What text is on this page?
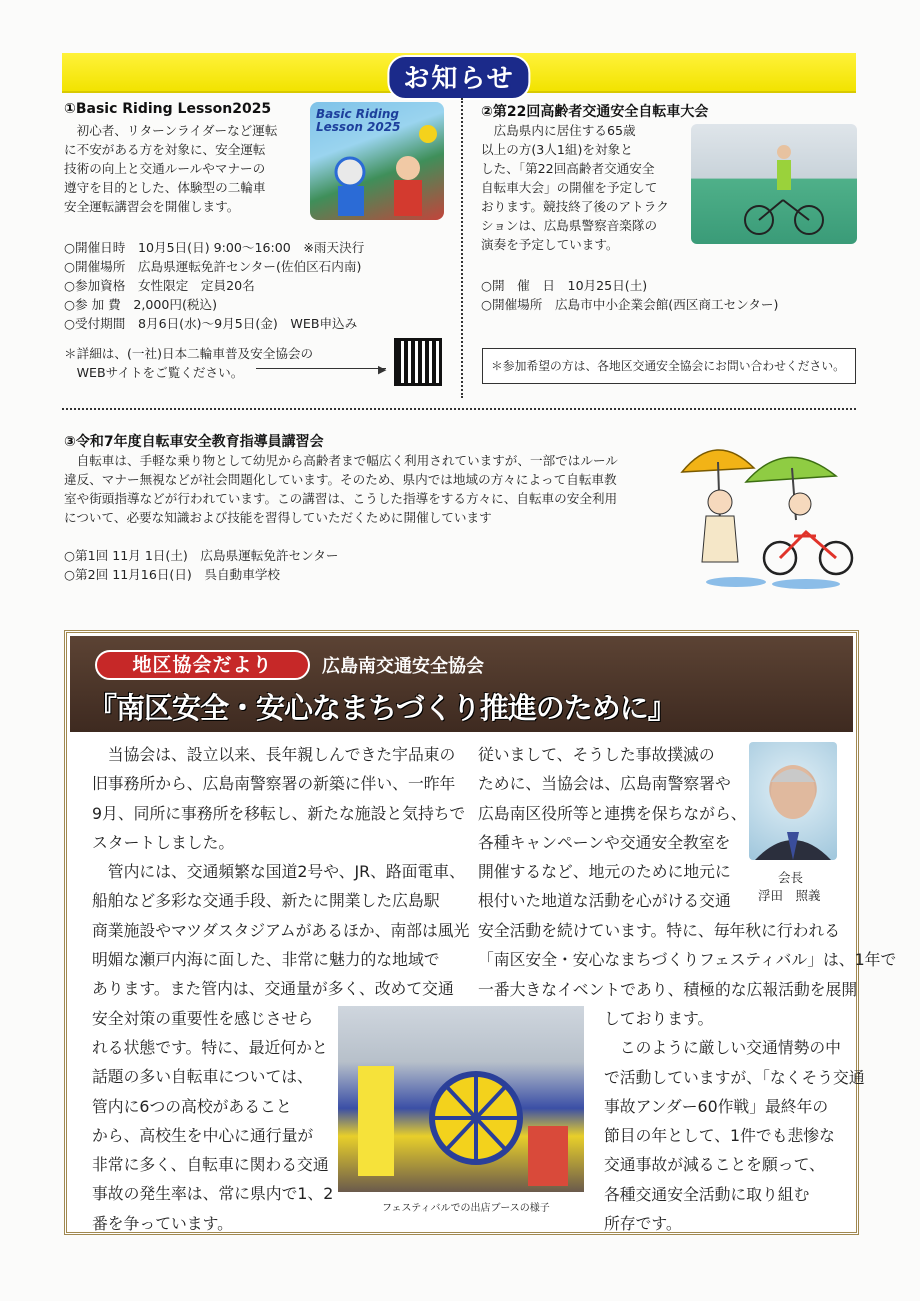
お知らせ
①Basic Riding Lesson2025
　初心者、リターンライダーなど運転
に不安がある方を対象に、安全運転
技術の向上と交通ルールやマナーの
遵守を目的とした、体験型の二輪車
安全運転講習会を開催します。
Basic Riding
Lesson 2025
○開催日時　10月5日(日) 9:00～16:00　※雨天決行
○開催場所　広島県運転免許センター(佐伯区石内南)
○参加資格　女性限定　定員20名
○参 加 費　2,000円(税込)
○受付期間　8月6日(水)～9月5日(金)　WEB申込み
＊詳細は、(一社)日本二輪車普及安全協会の
　WEBサイトをご覧ください。	▶
②第22回高齢者交通安全自転車大会
　広島県内に居住する65歳
以上の方(3人1組)を対象と
した、「第22回高齢者交通安全
自転車大会」の開催を予定して
おります。競技終了後のアトラク
ションは、広島県警察音楽隊の
演奏を予定しています。
○開　催　日　10月25日(土)
○開催場所　広島市中小企業会館(西区商工センター)
＊参加希望の方は、各地区交通安全協会にお問い合わせください。
③令和7年度自転車安全教育指導員講習会
　自転車は、手軽な乗り物として幼児から高齢者まで幅広く利用されていますが、一部ではルール
違反、マナー無視などが社会問題化しています。そのため、県内では地域の方々によって自転車教
室や街頭指導などが行われています。この講習は、こうした指導をする方々に、自転車の安全利用
について、必要な知識および技能を習得していただくために開催しています
○第1回 11月 1日(土)　広島県運転免許センター
○第2回 11月16日(日)　呉自動車学校
地区協会だより	広島南交通安全協会
『南区安全・安心なまちづくり推進のために』
　当協会は、設立以来、長年親しんできた宇品東の
旧事務所から、広島南警察署の新築に伴い、一昨年
9月、同所に事務所を移転し、新たな施設と気持ちで
スタートしました。
　管内には、交通頻繁な国道2号や、JR、路面電車、
船舶など多彩な交通手段、新たに開業した広島駅
商業施設やマツダスタジアムがあるほか、南部は風光
明媚な瀬戸内海に面した、非常に魅力的な地域で
あります。また管内は、交通量が多く、改めて交通
安全対策の重要性を感じさせら
れる状態です。特に、最近何かと
話題の多い自転車については、
管内に6つの高校があること
から、高校生を中心に通行量が
非常に多く、自転車に関わる交通
事故の発生率は、常に県内で1、2
番を争っています。
従いまして、そうした事故撲滅の
ために、当協会は、広島南警察署や
広島南区役所等と連携を保ちながら、
各種キャンペーンや交通安全教室を
開催するなど、地元のために地元に
根付いた地道な活動を心がける交通
安全活動を続けています。特に、毎年秋に行われる
「南区安全・安心なまちづくりフェスティバル」は、1年で
一番大きなイベントであり、積極的な広報活動を展開
しております。
　このように厳しい交通情勢の中
で活動していますが、「なくそう交通
事故アンダー60作戦」最終年の
節目の年として、1件でも悲惨な
交通事故が減ることを願って、
各種交通安全活動に取り組む
所存です。
会長
浮田　照義
フェスティバルでの出店ブースの様子
